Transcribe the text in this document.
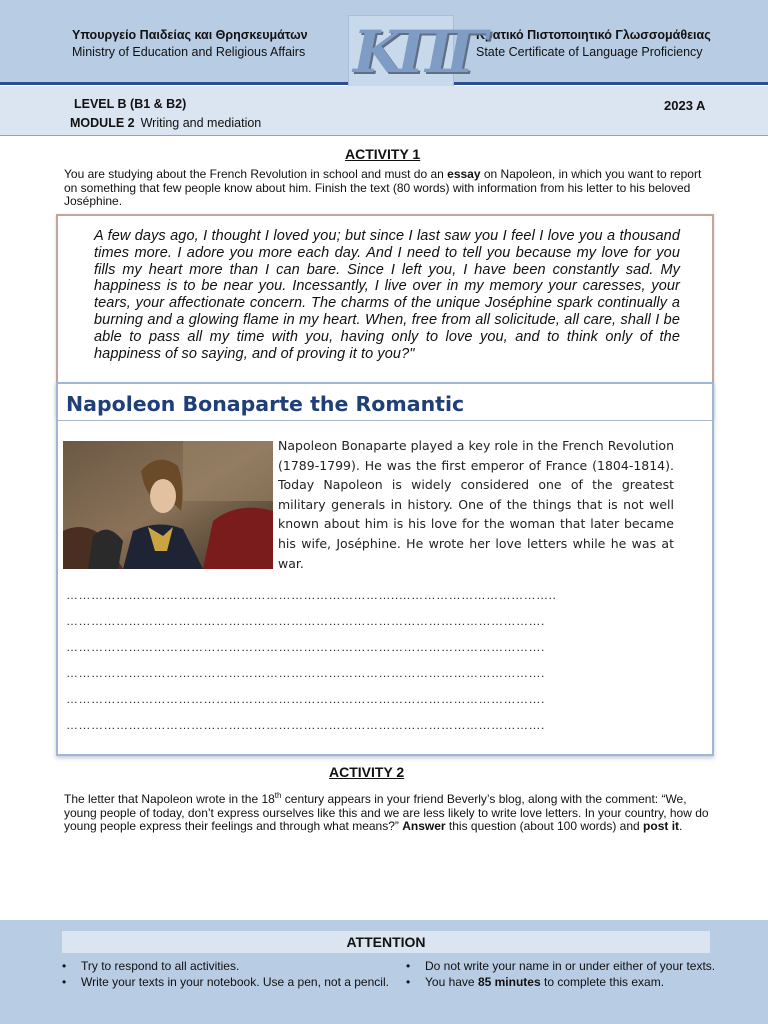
Υπουργείο Παιδείας και Θρησκευμάτων
Ministry of Education and Religious Affairs
Κρατικό Πιστοποιητικό Γλωσσομάθειας
State Certificate of Language Proficiency
ΚΠΓ
LEVEL B (B1 & B2)
MODULE 2 Writing and mediation
2023 A
ACTIVITY 1

You are studying about the French Revolution in school and must do an essay on Napoleon, in which you want to report on something that few people know about him. Finish the text (80 words) with information from his letter to his beloved Joséphine.

A few days ago, I thought I loved you; but since I last saw you I feel I love you a thousand times more. I adore you more each day. And I need to tell you because my love for you fills my heart more than I can bare. Since I left you, I have been constantly sad. My happiness is to be near you. Incessantly, I live over in my memory your caresses, your tears, your affectionate concern. The charms of the unique Joséphine spark continually a burning and a glowing flame in my heart. When, free from all solicitude, all care, shall I be able to pass all my time with you, having only to love you, and to think only of the happiness of so saying, and of proving it to you?"

Napoleon Bonaparte the Romantic

Napoleon Bonaparte played a key role in the French Revolution (1789-1799). He was the first emperor of France (1804-1814). Today Napoleon is widely considered one of the greatest military generals in history. One of the things that is not well known about him is his love for the woman that later became his wife, Joséphine. He wrote her love letters while he was at war.

……………………………………………………………………..………………………………..
…………………………………………………………………………………………………….
…………………………………………………………………………………………………….
…………………………………………………………………………………………………….
…………………………………………………………………………………………………….
…………………………………………………………………………………………………….
ACTIVITY 2

The letter that Napoleon wrote in the 18th century appears in your friend Beverly’s blog, along with the comment: “We, young people of today, don’t express ourselves like this and we are less likely to write love letters. In your country, how do young people express their feelings and through what means?” Answer this question (about 100 words) and post it.

ATTENTION
• Try to respond to all activities.
• Write your texts in your notebook. Use a pen, not a pencil.
• Do not write your name in or under either of your texts.
• You have 85 minutes to complete this exam.
